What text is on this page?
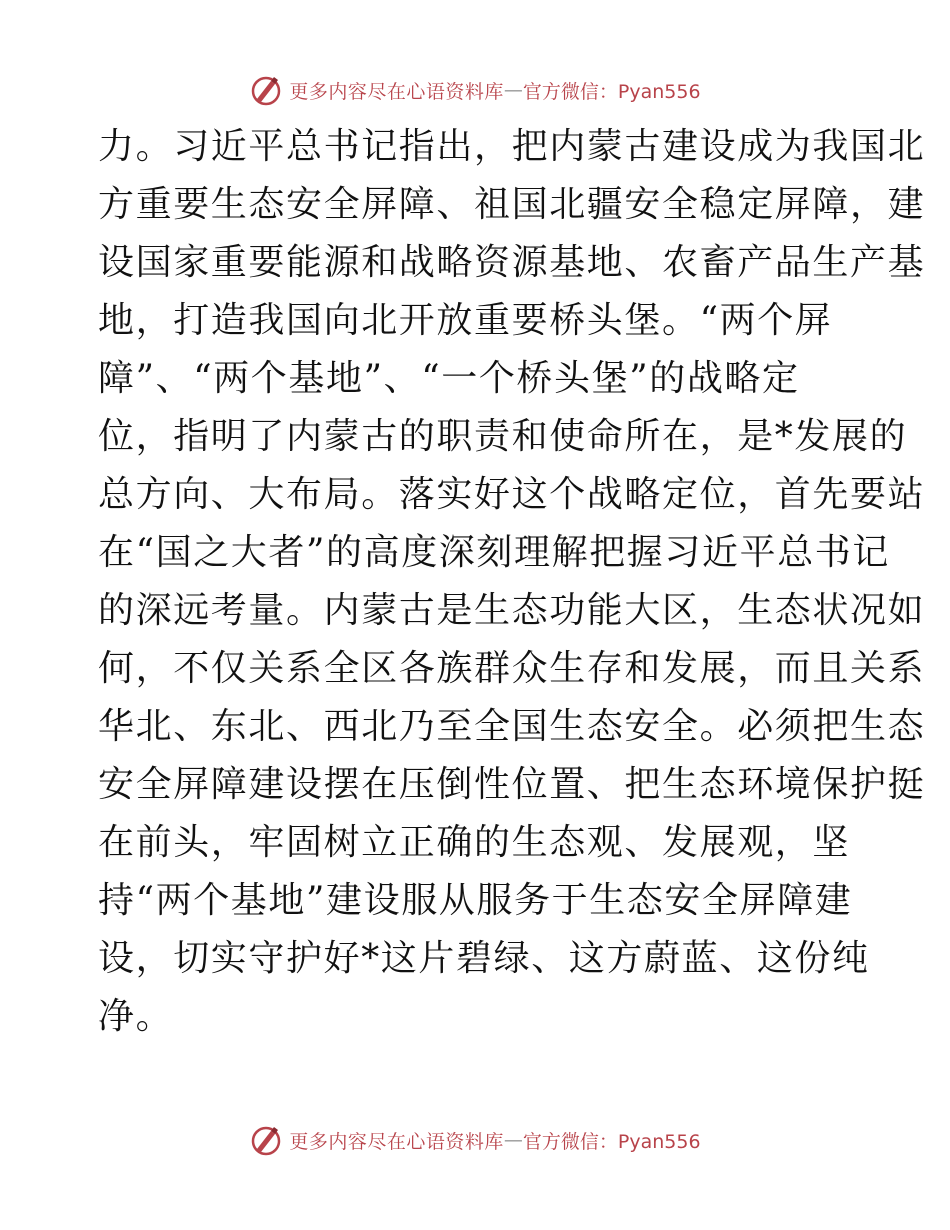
更多内容尽在心语资料库 — 官方微信：Pyan556
力。习近平总书记指出，把内蒙古建设成为我国北
方重要生态安全屏障、祖国北疆安全稳定屏障，建
设国家重要能源和战略资源基地、农畜产品生产基
地，打造我国向北开放重要桥头堡。“两个屏
障”、“两个基地”、“一个桥头堡”的战略定
位，指明了内蒙古的职责和使命所在，是*发展的
总方向、大布局。落实好这个战略定位，首先要站
在“国之大者”的高度深刻理解把握习近平总书记
的深远考量。内蒙古是生态功能大区，生态状况如
何，不仅关系全区各族群众生存和发展，而且关系
华北、东北、西北乃至全国生态安全。必须把生态
安全屏障建设摆在压倒性位置、把生态环境保护挺
在前头，牢固树立正确的生态观、发展观，坚
持“两个基地”建设服从服务于生态安全屏障建
设，切实守护好*这片碧绿、这方蔚蓝、这份纯
净。
更多内容尽在心语资料库 — 官方微信：Pyan556
